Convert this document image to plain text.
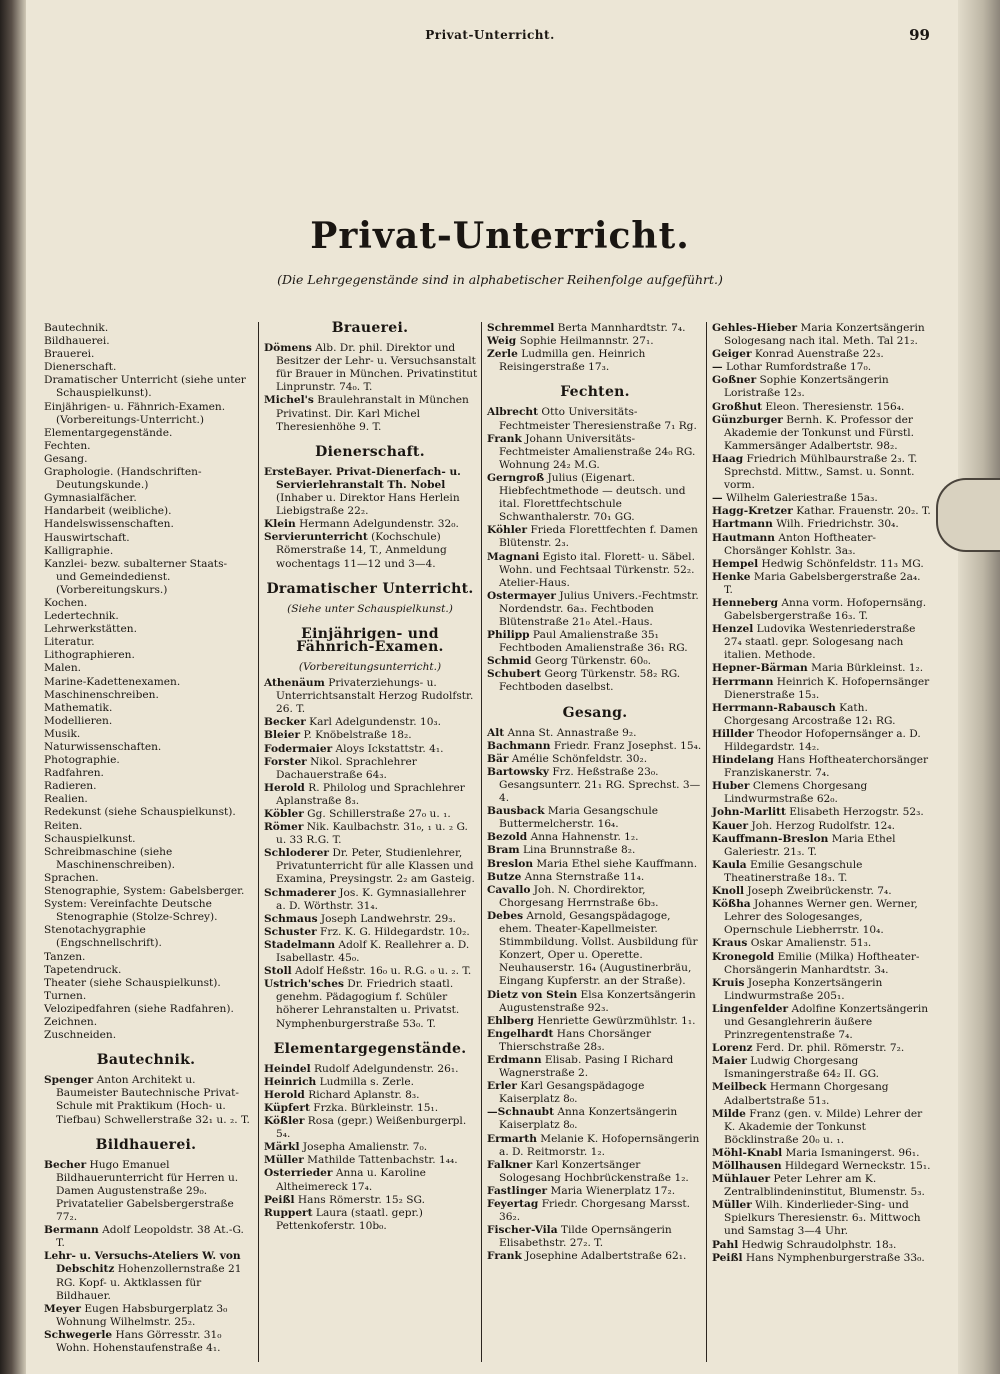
Privat-Unterricht.	99
Privat-Unterricht.
(Die Lehrgegenstände sind in alphabetischer Reihenfolge aufgeführt.)
Bautechnik.
Bildhauerei.
Brauerei.
Dienerschaft.
Dramatischer Unterricht (siehe unter Schauspielkunst).
Einjährigen- u. Fähnrich-Examen. (Vorbereitungs-Unterricht.)
Elementargegenstände.
Fechten.
Gesang.
Graphologie. (Handschriften-Deutungskunde.)
Gymnasialfächer.
Handarbeit (weibliche).
Handelswissenschaften.
Hauswirtschaft.
Kalligraphie.
Kanzlei- bezw. subalterner Staats- und Gemeindedienst. (Vorbereitungskurs.)
Kochen.
Ledertechnik.
Lehrwerkstätten.
Literatur.
Lithographieren.
Malen.
Marine-Kadettenexamen.
Maschinenschreiben.
Mathematik.
Modellieren.
Musik.
Naturwissenschaften.
Photographie.
Radfahren.
Radieren.
Realien.
Redekunst (siehe Schauspielkunst).
Reiten.
Schauspielkunst.
Schreibmaschine (siehe Maschinenschreiben).
Sprachen.
Stenographie, System: Gabelsberger.
System: Vereinfachte Deutsche Stenographie (Stolze-Schrey).
Stenotachygraphie (Engschnellschrift).
Tanzen.
Tapetendruck.
Theater (siehe Schauspielkunst).
Turnen.
Velozipedfahren (siehe Radfahren).
Zeichnen.
Zuschneiden.
Bautechnik.

Spenger Anton Architekt u. Baumeister Bautechnische Privat-Schule mit Praktikum (Hoch- u. Tiefbau) Schwellerstraße 32₁ u. ₂. T.

Bildhauerei.

Becher Hugo Emanuel Bildhauerunterricht für Herren u. Damen Augustenstraße 29₀. Privatatelier Gabelsbergerstraße 77₂.

Bermann Adolf Leopoldstr. 38 At.-G. T.

Lehr- u. Versuchs-Ateliers W. von Debschitz Hohenzollernstraße 21 RG. Kopf- u. Aktklassen für Bildhauer.

Meyer Eugen Habsburgerplatz 3₀ Wohnung Wilhelmstr. 25₂.

Schwegerle Hans Görresstr. 31₀ Wohn. Hohenstaufenstraße 4₁.

Brauerei.

Dömens Alb. Dr. phil. Direktor und Besitzer der Lehr- u. Versuchsanstalt für Brauer in München. Privatinstitut Linprunstr. 74₀. T.

Michel's Braulehranstalt in München Privatinst. Dir. Karl Michel Theresienhöhe 9. T.

Dienerschaft.

ErsteBayer. Privat-Dienerfach- u. Servierlehranstalt Th. Nobel (Inhaber u. Direktor Hans Herlein Liebigstraße 22₂.

Klein Hermann Adelgundenstr. 32₀.

Servierunterricht (Kochschule) Römerstraße 14, T., Anmeldung wochentags 11—12 und 3—4.

Dramatischer Unterricht.
(Siehe unter Schauspielkunst.)
Einjährigen- und Fähnrich-Examen.
(Vorbereitungsunterricht.)

Athenäum Privaterziehungs- u. Unterrichtsanstalt Herzog Rudolfstr. 26. T.

Becker Karl Adelgundenstr. 10₃.

Bleier P. Knöbelstraße 18₂.

Fodermaier Aloys Ickstattstr. 4₁.

Forster Nikol. Sprachlehrer Dachauerstraße 64₃.

Herold R. Philolog und Sprachlehrer Aplanstraße 8₃.

Köbler Gg. Schillerstraße 27₀ u. ₁.

Römer Nik. Kaulbachstr. 31₀, ₁ u. ₂ G. u. 33 R.G. T.

Schloderer Dr. Peter, Studienlehrer, Privatunterricht für alle Klassen und Examina, Preysingstr. 2₂ am Gasteig.

Schmaderer Jos. K. Gymnasiallehrer a. D. Wörthstr. 31₄.

Schmaus Joseph Landwehrstr. 29₃.

Schuster Frz. K. G. Hildegardstr. 10₂.

Stadelmann Adolf K. Reallehrer a. D. Isabellastr. 45₀.

Stoll Adolf Heßstr. 16₀ u. R.G. ₀ u. ₂. T.

Ustrich'sches Dr. Friedrich staatl. genehm. Pädagogium f. Schüler höherer Lehranstalten u. Privatst. Nymphenburgerstraße 53₀. T.

Elementargegenstände.

Heindel Rudolf Adelgundenstr. 26₁.

Heinrich Ludmilla s. Zerle.

Herold Richard Aplanstr. 8₃.

Küpfert Frzka. Bürkleinstr. 15₁.

Kößler Rosa (gepr.) Weißenburgerpl. 5₄.

Märkl Josepha Amalienstr. 7₀.

Müller Mathilde Tattenbachstr. 1₄₄.

Osterrieder Anna u. Karoline Altheimereck 17₄.

Peißl Hans Römerstr. 15₂ SG.

Ruppert Laura (staatl. gepr.) Pettenkoferstr. 10b₀.

Schremmel Berta Mannhardtstr. 7₄.

Weig Sophie Heilmannstr. 27₁.

Zerle Ludmilla gen. Heinrich Reisingerstraße 17₃.

Fechten.

Albrecht Otto Universitäts-Fechtmeister Theresienstraße 7₁ Rg.

Frank Johann Universitäts-Fechtmeister Amalienstraße 24₀ RG. Wohnung 24₂ M.G.

Gerngroß Julius (Eigenart. Hiebfechtmethode — deutsch. und ital. Florettfechtschule Schwanthalerstr. 70₁ GG.

Köhler Frieda Florettfechten f. Damen Blütenstr. 2₃.

Magnani Egisto ital. Florett- u. Säbel. Wohn. und Fechtsaal Türkenstr. 52₂. Atelier-Haus.

Ostermayer Julius Univers.-Fechtmstr. Nordendstr. 6a₃. Fechtboden Blütenstraße 21₀ Atel.-Haus.

Philipp Paul Amalienstraße 35₁ Fechtboden Amalienstraße 36₁ RG.

Schmid Georg Türkenstr. 60₀.

Schubert Georg Türkenstr. 58₂ RG. Fechtboden daselbst.

Gesang.

Alt Anna St. Annastraße 9₂.

Bachmann Friedr. Franz Josephst. 15₄.

Bär Amélie Schönfeldstr. 30₂.

Bartowsky Frz. Heßstraße 23₀. Gesangsunterr. 21₁ RG. Sprechst. 3—4.

Bausback Maria Gesangschule Buttermelcherstr. 16₄.

Bezold Anna Hahnenstr. 1₂.

Bram Lina Brunnstraße 8₂.

Breslon Maria Ethel siehe Kauffmann.

Butze Anna Sternstraße 11₄.

Cavallo Joh. N. Chordirektor, Chorgesang Herrnstraße 6b₃.

Debes Arnold, Gesangspädagoge, ehem. Theater-Kapellmeister. Stimmbildung. Vollst. Ausbildung für Konzert, Oper u. Operette. Neuhauserstr. 16₄ (Augustinerbräu, Eingang Kupferstr. an der Straße).

Dietz von Stein Elsa Konzertsängerin Augustenstraße 92₃.

Ehlberg Henriette Gewürzmühlstr. 1₁.

Engelhardt Hans Chorsänger Thierschstraße 28₃.

Erdmann Elisab. Pasing I Richard Wagnerstraße 2.

Erler Karl Gesangspädagoge Kaiserplatz 8₀.

—Schnaubt Anna Konzertsängerin Kaiserplatz 8₀.

Ermarth Melanie K. Hofopernsängerin a. D. Reitmorstr. 1₂.

Falkner Karl Konzertsänger Sologesang Hochbrückenstraße 1₂.

Fastlinger Maria Wienerplatz 17₂.

Feyertag Friedr. Chorgesang Marsst. 36₂.

Fischer-Vila Tilde Opernsängerin Elisabethstr. 27₂. T.

Frank Josephine Adalbertstraße 62₁.

Gehles-Hieber Maria Konzertsängerin Sologesang nach ital. Meth. Tal 21₂.

Geiger Konrad Auenstraße 22₃.

— Lothar Rumfordstraße 17₀.

Goßner Sophie Konzertsängerin Loristraße 12₃.

Großhut Eleon. Theresienstr. 156₄.

Günzburger Bernh. K. Professor der Akademie der Tonkunst und Fürstl. Kammersänger Adalbertstr. 98₂.

Haag Friedrich Mühlbaurstraße 2₃. T. Sprechstd. Mittw., Samst. u. Sonnt. vorm.

— Wilhelm Galeriestraße 15a₃.

Hagg-Kretzer Kathar. Frauenstr. 20₂. T.

Hartmann Wilh. Friedrichstr. 30₄.

Hautmann Anton Hoftheater-Chorsänger Kohlstr. 3a₃.

Hempel Hedwig Schönfeldstr. 11₃ MG.

Henke Maria Gabelsbergerstraße 2a₄. T.

Henneberg Anna vorm. Hofopernsäng. Gabelsbergerstraße 16₃. T.

Henzel Ludovika Westenriederstraße 27₄ staatl. gepr. Sologesang nach italien. Methode.

Hepner-Bärman Maria Bürkleinst. 1₂.

Herrmann Heinrich K. Hofopernsänger Dienerstraße 15₃.

Herrmann-Rabausch Kath. Chorgesang Arcostraße 12₁ RG.

Hillder Theodor Hofopernsänger a. D. Hildegardstr. 14₂.

Hindelang Hans Hoftheaterchorsänger Franziskanerstr. 7₄.

Huber Clemens Chorgesang Lindwurmstraße 62₀.

John-Marlitt Elisabeth Herzogstr. 52₃.

Kauer Joh. Herzog Rudolfstr. 12₄.

Kauffmann-Breslon Maria Ethel Galeriestr. 21₃. T.

Kaula Emilie Gesangschule Theatinerstraße 18₃. T.

Knoll Joseph Zweibrückenstr. 7₄.

Kößha Johannes Werner gen. Werner, Lehrer des Sologesanges, Opernschule Liebherrstr. 10₄.

Kraus Oskar Amalienstr. 51₃.

Kronegold Emilie (Milka) Hoftheater-Chorsängerin Manhardtstr. 3₄.

Kruis Josepha Konzertsängerin Lindwurmstraße 205₁.

Lingenfelder Adolfine Konzertsängerin und Gesanglehrerin äußere Prinzregentenstraße 7₄.

Lorenz Ferd. Dr. phil. Römerstr. 7₂.

Maier Ludwig Chorgesang Ismaningerstraße 64₂ II. GG.

Meilbeck Hermann Chorgesang Adalbertstraße 51₃.

Milde Franz (gen. v. Milde) Lehrer der K. Akademie der Tonkunst Böcklinstraße 20₀ u. ₁.

Möhl-Knabl Maria Ismaningerst. 96₁.

Möllhausen Hildegard Werneckstr. 15₁.

Mühlauer Peter Lehrer am K. Zentralblindeninstitut, Blumenstr. 5₃.

Müller Wilh. Kinderlieder-Sing- und Spielkurs Theresienstr. 6₃. Mittwoch und Samstag 3—4 Uhr.

Pahl Hedwig Schraudolphstr. 18₃.

Peißl Hans Nymphenburgerstraße 33₀.
